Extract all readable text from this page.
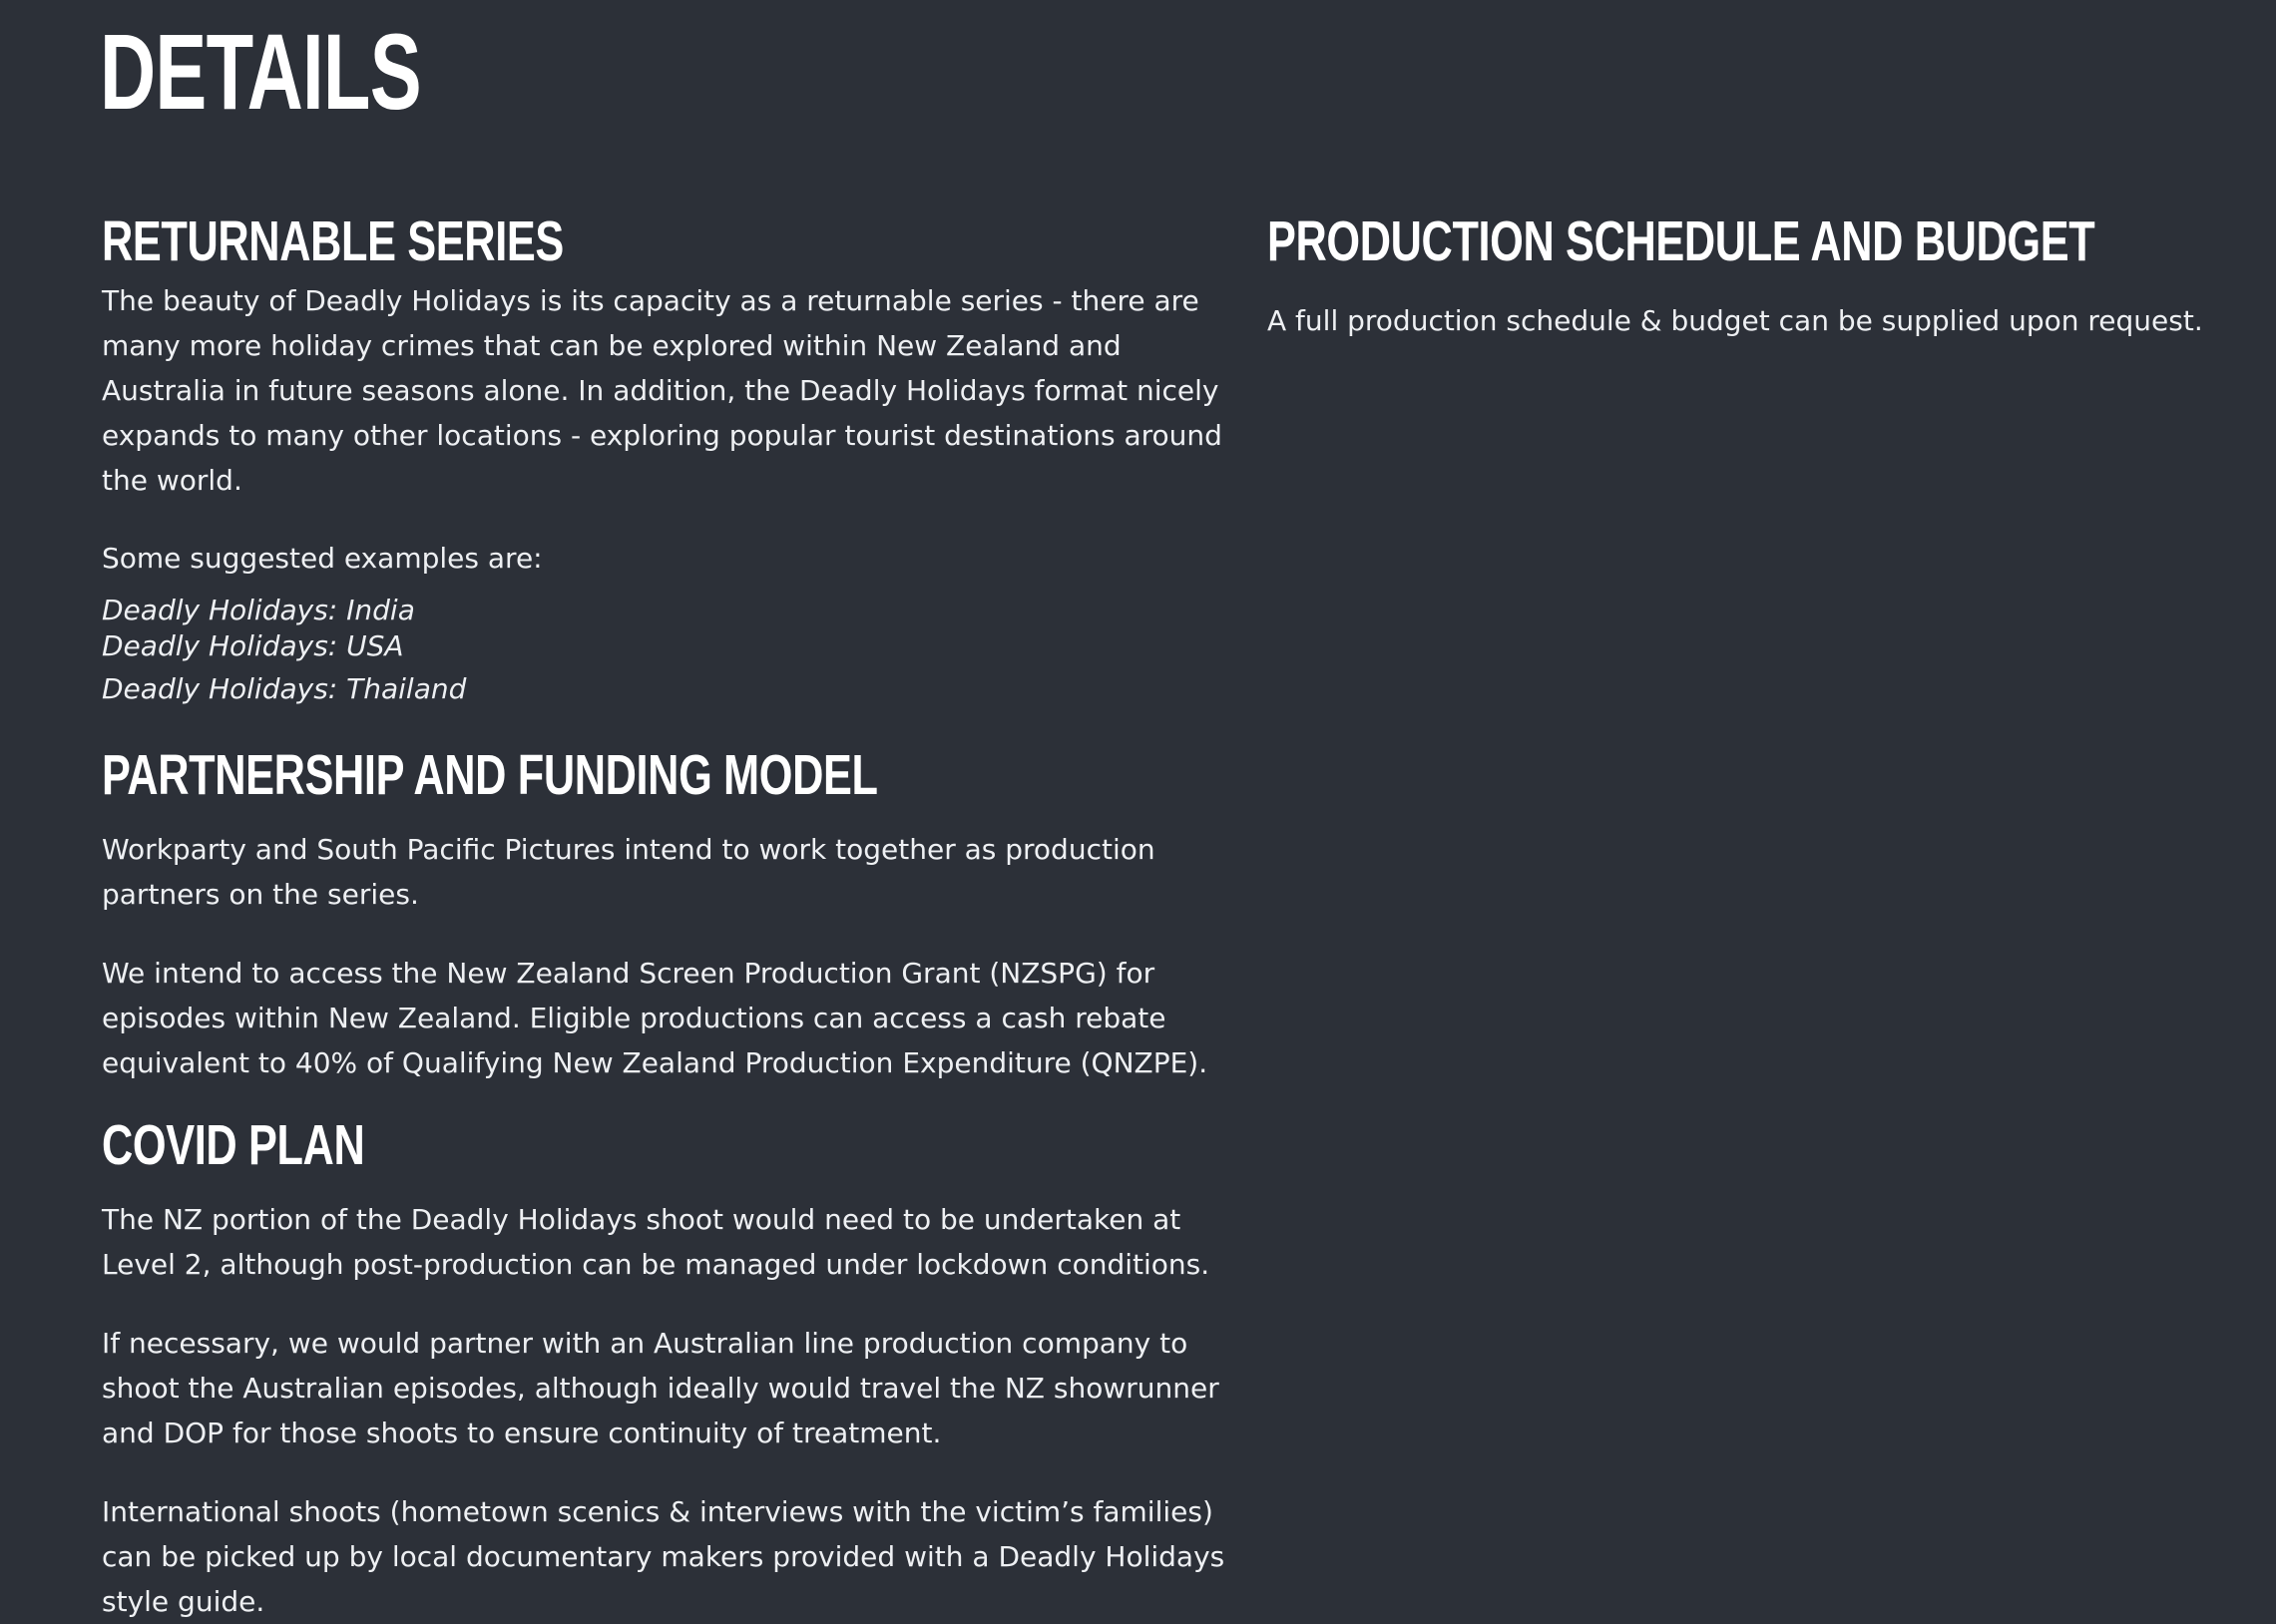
DETAILS
RETURNABLE SERIES

The beauty of Deadly Holidays is its capacity as a returnable series - there are many more holiday crimes that can be explored within New Zealand and Australia in future seasons alone. In addition, the Deadly Holidays format nicely expands to many other locations - exploring popular tourist destinations around the world.

Some suggested examples are:

Deadly Holidays: India
Deadly Holidays: USA
Deadly Holidays: Thailand
PARTNERSHIP AND FUNDING MODEL

Workparty and South Pacific Pictures intend to work together as production partners on the series.

We intend to access the New Zealand Screen Production Grant (NZSPG) for episodes within New Zealand. Eligible productions can access a cash rebate equivalent to 40% of Qualifying New Zealand Production Expenditure (QNZPE).

COVID PLAN

The NZ portion of the Deadly Holidays shoot would need to be undertaken at Level 2, although post-production can be managed under lockdown conditions.

If necessary, we would partner with an Australian line production company to shoot the Australian episodes, although ideally would travel the NZ showrunner and DOP for those shoots to ensure continuity of treatment.

International shoots (hometown scenics & interviews with the victim’s families) can be picked up by local documentary makers provided with a Deadly Holidays style guide.

PRODUCTION SCHEDULE AND BUDGET

A full production schedule & budget can be supplied upon request.
